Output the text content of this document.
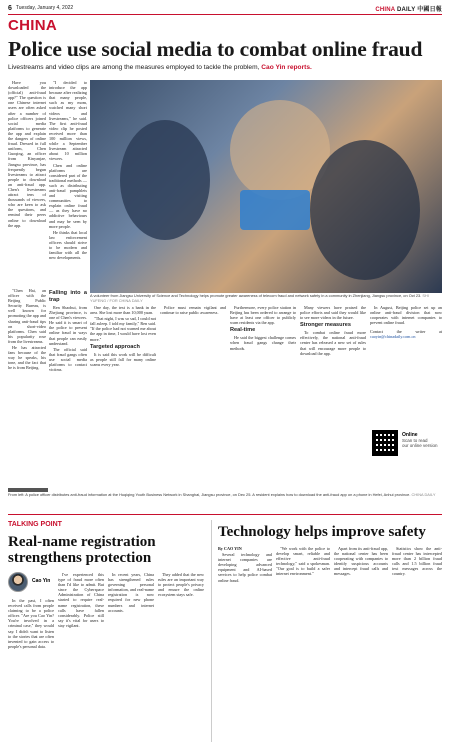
6 Tuesday, January 4, 2022	CHINA DAILY 中國日報
CHINA
Police use social media to combat online fraud
Livestreams and video clips are among the measures employed to tackle the problem, Cao Yin reports.

Have you downloaded the (official) anti-fraud app?" The question is one Chinese internet users are often asked after a number of police officers joined social media platforms to generate the app and explain the dangers of online fraud. Dressed in full uniform, Chen Guoqing, an officer from Kinyanjae, Jiangsu province, has frequently begun livestreams to attract people to download an anti-fraud app. Chen's livestreams attract tens of thousands of viewers, who are keen to ask the questions, and remind their peers online to download the app.

"I decided to introduce the app because after realizing that many people, such as my mom, watched many short videos and livestreams," he said. The first anti-fraud video clip he posted received more than 100 million views, while a September livestream attracted about 10 million viewers.

Chen and online platforms are considered part of the traditional methods — such as distributing anti-fraud pamphlets and visiting communities to explain online fraud — as they have no addictive behaviours and may be seen by more people.

He thinks that local law enforcement officers should strive to be modern and familiar with all the new developments.

A volunteer from Jiangsu University of Science and Technology helps promote greater awareness of telecom fraud and network safety in a community in Zhenjiang, Jiangsu province, on Oct 23. SHI YUFENG / FOR CHINA DAILY

"Chen Hai, an officer with the Beijing Public Security Bureau, is well known for promoting the app and sharing anti-fraud tips on short-video platforms. Chen said his popularity rose from the livestreams.

He has attracted fans because of the way he speaks, his tone, and the fact that he is from Beijing.

Falling into a trap

Ren Shaohui, from Zhejiang province, is one of Chen's viewers. He said it is smart of the police to present online fraud in ways that people can easily understand.

The official said that fraud gangs often use social media platforms to contact victims.

One day, the text is a bank in the area. She lost more than 10,000 yuan.

"That night, I was so sad, I could not fall asleep. I told my family," Ren said. "If the police had not warned me about the app in time, I would have lost even more."

Targeted approach

It is said this work will be difficult as people still fall for many online scams every year.

Police must remain vigilant and continue to raise public awareness.

Furthermore, every police station in Beijing has been ordered to arrange to have at least one officer to publicly warn residents via the app.

Real-time

He said the biggest challenge comes when fraud gangs change their methods.

Many viewers have praised the police efforts and said they would like to see more videos in the future.

Stronger measures

To combat online fraud more effectively, the national anti-fraud center has released a new set of rules that will encourage more people to download the app.

In August, Beijing police set up an online anti-fraud division that now cooperates with internet companies to prevent online fraud.

Contact the writer at caoyin@chinadaily.com.cn

Online
Scan to read
our online version
From left: A police officer distributes anti-fraud information at the Huqiqing Youth Business Network in Shanghai, Jiangsu province, on Dec 25. A resident explains how to download the anti-fraud app on a phone in Hefei, Anhui province. CHINA DAILY
TALKING POINT
Real-name registration strengthens protection
Cao Yin

In the past, I often received calls from people claiming to be a police officer. "Are you Cao Yin? You're involved in a criminal case," they would say. I didn't want to listen to the stories that are often invented to gain access to people's personal data.

I've experienced this type of fraud more often than I'd like to admit. But since the Cyberspace Administration of China started to require real-name registration, these calls have fallen considerably. Police still say it's vital for users to stay vigilant.

In recent years, China has strengthened rules governing personal information, and real-name registration is now required for new phone numbers and internet accounts.

They added that the new rules are an important way to protect people's privacy and ensure the online ecosystem stays safe.

Technology helps improve safety

By CAO YIN

Several technology and internet companies are developing advanced equipment and AI-based services to help police combat online fraud.

"We work with the police to develop smart, reliable and effective anti-fraud technology," said a spokesman. "Our goal is to build a safer internet environment."

Apart from its anti-fraud app, the national center has been cooperating with companies to identify suspicious accounts and intercept fraud calls and messages.

Statistics show the anti-fraud center has intercepted more than 2 billion fraud calls and 1.5 billion fraud text messages across the country.
